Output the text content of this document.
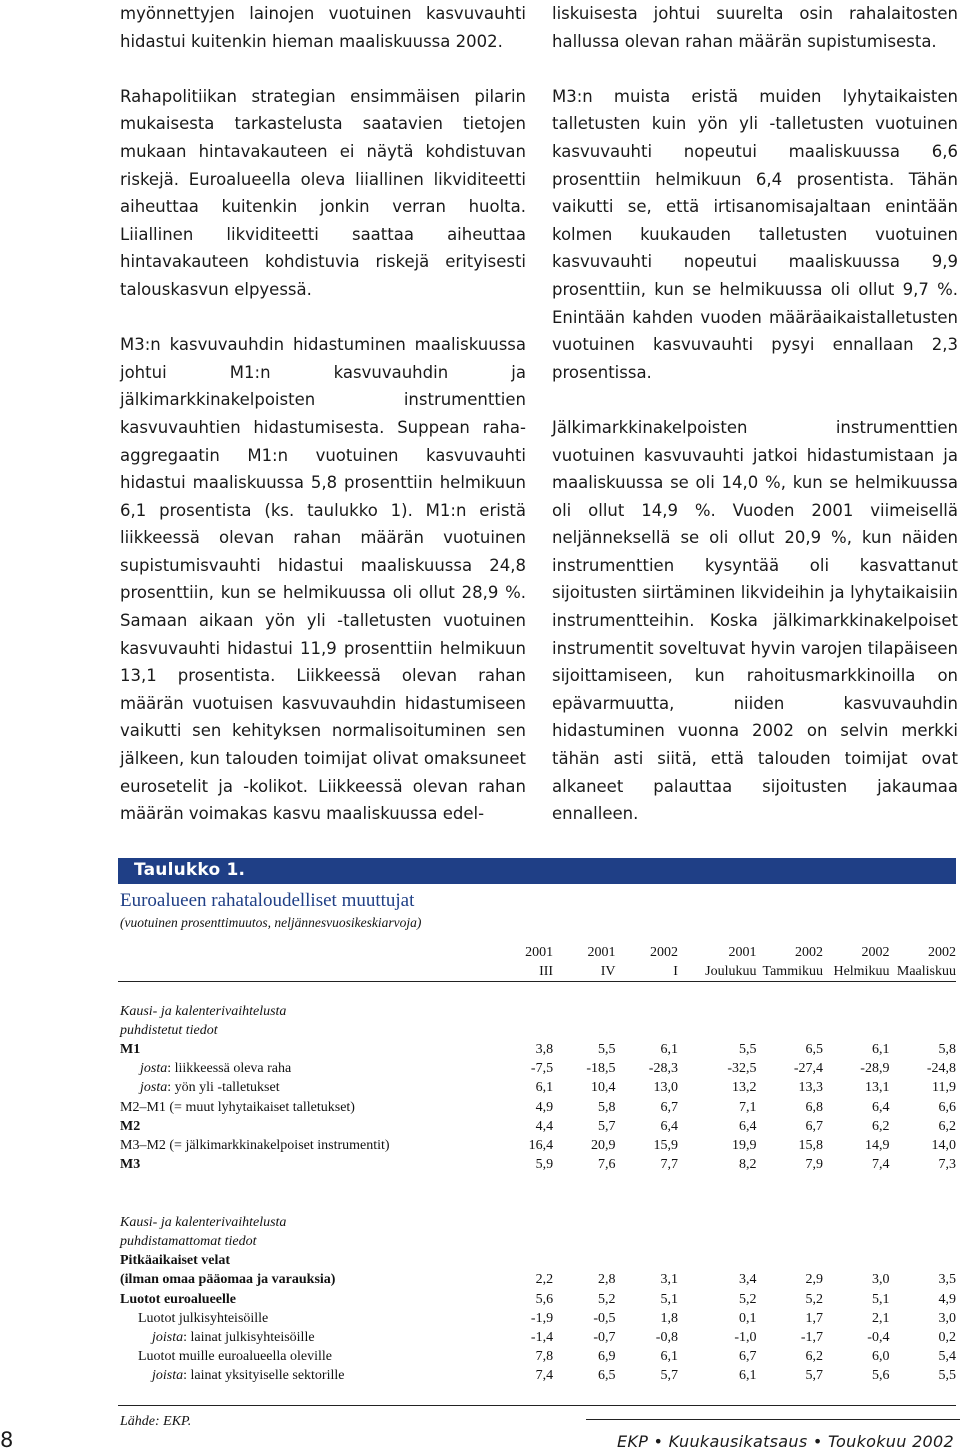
myönnettyjen lainojen vuotuinen kasvuvauhti hidastui kuitenkin hieman maaliskuussa 2002.

Rahapolitiikan strategian ensimmäisen pilarin mukaisesta tarkastelusta saatavien tietojen mukaan hintavakauteen ei näytä kohdistuvan riskejä. Euroalueella oleva liiallinen likviditeetti aiheuttaa kuitenkin jonkin verran huolta. Liiallinen likviditeetti saattaa aiheuttaa hintavakauteen kohdistuvia riskejä erityisesti talouskasvun elpyessä.

M3:n kasvuvauhdin hidastuminen maaliskuussa johtui M1:n kasvuvauhdin ja jälkimarkkinakelpoisten instrumenttien kasvuvauhtien hidastumisesta. Suppean raha-aggregaatin M1:n vuotuinen kasvuvauhti hidastui maaliskuussa 5,8 prosenttiin helmikuun 6,1 prosentista (ks. taulukko 1). M1:n eristä liikkeessä olevan rahan määrän vuotuinen supistumisvauhti hidastui maaliskuussa 24,8 prosenttiin, kun se helmikuussa oli ollut 28,9 %. Samaan aikaan yön yli -talletusten vuotuinen kasvuvauhti hidastui 11,9 prosenttiin helmikuun 13,1 prosentista. Liikkeessä olevan rahan määrän vuotuisen kasvuvauhdin hidastumiseen vaikutti sen kehityksen normalisoituminen sen jälkeen, kun talouden toimijat olivat omaksuneet eurosetelit ja -kolikot. Liikkeessä olevan rahan määrän voimakas kasvu maaliskuussa edel-

liskuisesta johtui suurelta osin rahalaitosten hallussa olevan rahan määrän supistumisesta.

M3:n muista eristä muiden lyhytaikaisten talletusten kuin yön yli -talletusten vuotuinen kasvuvauhti nopeutui maaliskuussa 6,6 prosenttiin helmikuun 6,4 prosentista. Tähän vaikutti se, että irtisanomisajaltaan enintään kolmen kuukauden talletusten vuotuinen kasvuvauhti nopeutui maaliskuussa 9,9 prosenttiin, kun se helmikuussa oli ollut 9,7 %. Enintään kahden vuoden määräaikaistalletusten vuotuinen kasvuvauhti pysyi ennallaan 2,3 prosentissa.

Jälkimarkkinakelpoisten instrumenttien vuotuinen kasvuvauhti jatkoi hidastumistaan ja maaliskuussa se oli 14,0 %, kun se helmikuussa oli ollut 14,9 %. Vuoden 2001 viimeisellä neljänneksellä se oli ollut 20,9 %, kun näiden instrumenttien kysyntää oli kasvattanut sijoitusten siirtäminen likvideihin ja lyhytaikaisiin instrumentteihin. Koska jälkimarkkinakelpoiset instrumentit soveltuvat hyvin varojen tilapäiseen sijoittamiseen, kun rahoitusmarkkinoilla on epävarmuutta, niiden kasvuvauhdin hidastuminen vuonna 2002 on selvin merkki tähän asti siitä, että talouden toimijat ovat alkaneet palauttaa sijoitusten jakaumaa ennalleen.

Taulukko 1.
Euroalueen rahataloudelliset muuttujat
(vuotuinen prosenttimuutos, neljännesvuosikeskiarvoja)
	2001	2001	2002		2001	2002	2002	2002
	III	IV	I		Joulukuu	Tammikuu	Helmikuu	Maaliskuu

Kausi- ja kalenterivaihtelusta								
puhdistetut tiedot								
M1	3,8	5,5	6,1		5,5	6,5	6,1	5,8
josta: liikkeessä oleva raha	-7,5	-18,5	-28,3		-32,5	-27,4	-28,9	-24,8
josta: yön yli -talletukset	6,1	10,4	13,0		13,2	13,3	13,1	11,9
M2–M1 (= muut lyhytaikaiset talletukset)	4,9	5,8	6,7		7,1	6,8	6,4	6,6
M2	4,4	5,7	6,4		6,4	6,7	6,2	6,2
M3–M2 (= jälkimarkkinakelpoiset instrumentit)	16,4	20,9	15,9		19,9	15,8	14,9	14,0
M3	5,9	7,6	7,7		8,2	7,9	7,4	7,3

Kausi- ja kalenterivaihtelusta								
puhdistamattomat tiedot								
Pitkäaikaiset velat								
(ilman omaa pääomaa ja varauksia)	2,2	2,8	3,1		3,4	2,9	3,0	3,5
Luotot euroalueelle	5,6	5,2	5,1		5,2	5,2	5,1	4,9
Luotot julkisyhteisöille	-1,9	-0,5	1,8		0,1	1,7	2,1	3,0
joista: lainat julkisyhteisöille	-1,4	-0,7	-0,8		-1,0	-1,7	-0,4	0,2
Luotot muille euroalueella oleville	7,8	6,9	6,1		6,7	6,2	6,0	5,4
joista: lainat yksityiselle sektorille	7,4	6,5	5,7		6,1	5,7	5,6	5,5

Lähde: EKP.
8	EKP • Kuukausikatsaus • Toukokuu 2002
